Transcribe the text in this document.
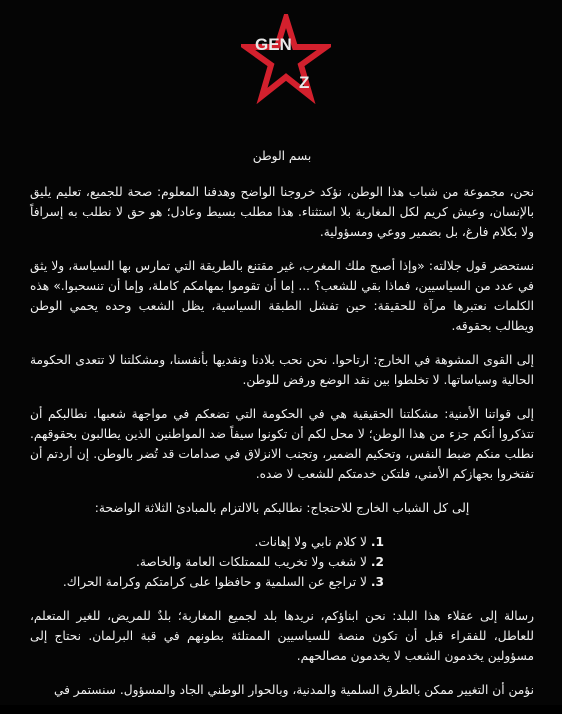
GEN
Z

بسم الوطن

نحن، مجموعة من شباب هذا الوطن، نؤكد خروجنا الواضح وهدفنا المعلوم: صحة للجميع، تعليم يليق بالإنسان، وعيش كريم لكل المغاربة بلا استثناء. هذا مطلب بسيط وعادل؛ هو حق لا نطلب به إسرافاً ولا بكلام فارغ، بل بضمير ووعي ومسؤولية.

نستحضر قول جلالته: «وإذا أصبح ملك المغرب، غير مقتنع بالطريقة التي تمارس بها السياسة، ولا يثق في عدد من السياسيين، فماذا بقي للشعب؟ ... إما أن تقوموا بمهامكم كاملة، وإما أن تنسحبوا.» هذه الكلمات نعتبرها مرآة للحقيقة: حين تفشل الطبقة السياسية، يظل الشعب وحده يحمي الوطن ويطالب بحقوقه.

إلى القوى المشوهة في الخارج: ارتاحوا. نحن نحب بلادنا ونفديها بأنفسنا، ومشكلتنا لا تتعدى الحكومة الحالية وسياساتها. لا تخلطوا بين نقد الوضع ورفض للوطن.

إلى قواتنا الأمنية: مشكلتنا الحقيقية هي في الحكومة التي تضعكم في مواجهة شعبها. نطالبكم أن تتذكروا أنكم جزء من هذا الوطن؛ لا محل لكم أن تكونوا سيفاً ضد المواطنين الذين يطالبون بحقوقهم. نطلب منكم ضبط النفس، وتحكيم الضمير، وتجنب الانزلاق في صدامات قد تُضر بالوطن. إن أردتم أن تفتخروا بجهازكم الأمني، فلتكن خدمتكم للشعب لا ضده.

إلى كل الشباب الخارج للاحتجاج: نطالبكم بالالتزام بالمبادئ الثلاثة الواضحة:

1. لا كلام نابي ولا إهانات.
2. لا شغب ولا تخريب للممتلكات العامة والخاصة.
3. لا تراجع عن السلمية و حافظوا على كرامتكم وكرامة الحراك.

رسالة إلى عقلاء هذا البلد: نحن ابناؤكم، نريدها بلد لجميع المغاربة؛ بلدٌ للمريض، للغير المتعلم، للعاطل، للفقراء قبل أن تكون منصة للسياسيين الممتلئة بطونهم في قبة البرلمان. نحتاج إلى مسؤولين يخدمون الشعب لا يخدمون مصالحهم.

نؤمن أن التغيير ممكن بالطرق السلمية والمدنية، وبالحوار الوطني الجاد والمسؤول. سنستمر في
